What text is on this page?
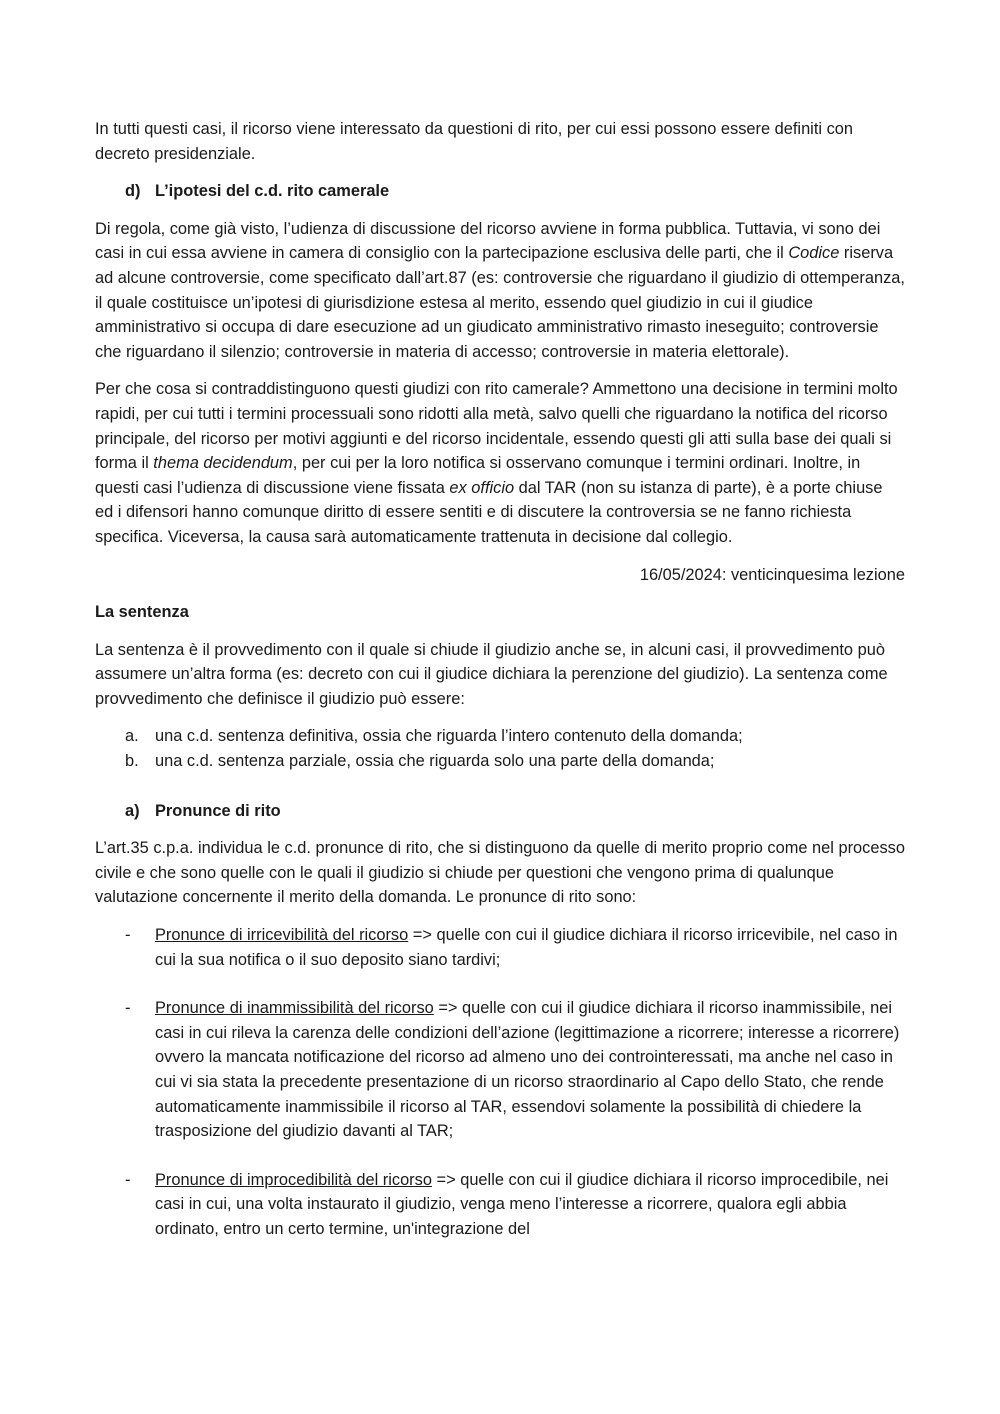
In tutti questi casi, il ricorso viene interessato da questioni di rito, per cui essi possono essere definiti con decreto presidenziale.

d) L’ipotesi del c.d. rito camerale

Di regola, come già visto, l’udienza di discussione del ricorso avviene in forma pubblica. Tuttavia, vi sono dei casi in cui essa avviene in camera di consiglio con la partecipazione esclusiva delle parti, che il Codice riserva ad alcune controversie, come specificato dall’art.87 (es: controversie che riguardano il giudizio di ottemperanza, il quale costituisce un’ipotesi di giurisdizione estesa al merito, essendo quel giudizio in cui il giudice amministrativo si occupa di dare esecuzione ad un giudicato amministrativo rimasto ineseguito; controversie che riguardano il silenzio; controversie in materia di accesso; controversie in materia elettorale).

Per che cosa si contraddistinguono questi giudizi con rito camerale? Ammettono una decisione in termini molto rapidi, per cui tutti i termini processuali sono ridotti alla metà, salvo quelli che riguardano la notifica del ricorso principale, del ricorso per motivi aggiunti e del ricorso incidentale, essendo questi gli atti sulla base dei quali si forma il thema decidendum, per cui per la loro notifica si osservano comunque i termini ordinari. Inoltre, in questi casi l’udienza di discussione viene fissata ex officio dal TAR (non su istanza di parte), è a porte chiuse ed i difensori hanno comunque diritto di essere sentiti e di discutere la controversia se ne fanno richiesta specifica. Viceversa, la causa sarà automaticamente trattenuta in decisione dal collegio.

16/05/2024: venticinquesima lezione
La sentenza

La sentenza è il provvedimento con il quale si chiude il giudizio anche se, in alcuni casi, il provvedimento può assumere un’altra forma (es: decreto con cui il giudice dichiara la perenzione del giudizio). La sentenza come provvedimento che definisce il giudizio può essere:

a. una c.d. sentenza definitiva, ossia che riguarda l’intero contenuto della domanda;
b. una c.d. sentenza parziale, ossia che riguarda solo una parte della domanda;
a) Pronunce di rito

L’art.35 c.p.a. individua le c.d. pronunce di rito, che si distinguono da quelle di merito proprio come nel processo civile e che sono quelle con le quali il giudizio si chiude per questioni che vengono prima di qualunque valutazione concernente il merito della domanda. Le pronunce di rito sono:

-	Pronunce di irricevibilità del ricorso => quelle con cui il giudice dichiara il ricorso irricevibile, nel caso in cui la sua notifica o il suo deposito siano tardivi;
-	Pronunce di inammissibilità del ricorso => quelle con cui il giudice dichiara il ricorso inammissibile, nei casi in cui rileva la carenza delle condizioni dell’azione (legittimazione a ricorrere; interesse a ricorrere) ovvero la mancata notificazione del ricorso ad almeno uno dei controinteressati, ma anche nel caso in cui vi sia stata la precedente presentazione di un ricorso straordinario al Capo dello Stato, che rende automaticamente inammissibile il ricorso al TAR, essendovi solamente la possibilità di chiedere la trasposizione del giudizio davanti al TAR;
-	Pronunce di improcedibilità del ricorso => quelle con cui il giudice dichiara il ricorso improcedibile, nei casi in cui, una volta instaurato il giudizio, venga meno l’interesse a ricorrere, qualora egli abbia ordinato, entro un certo termine, un'integrazione del
